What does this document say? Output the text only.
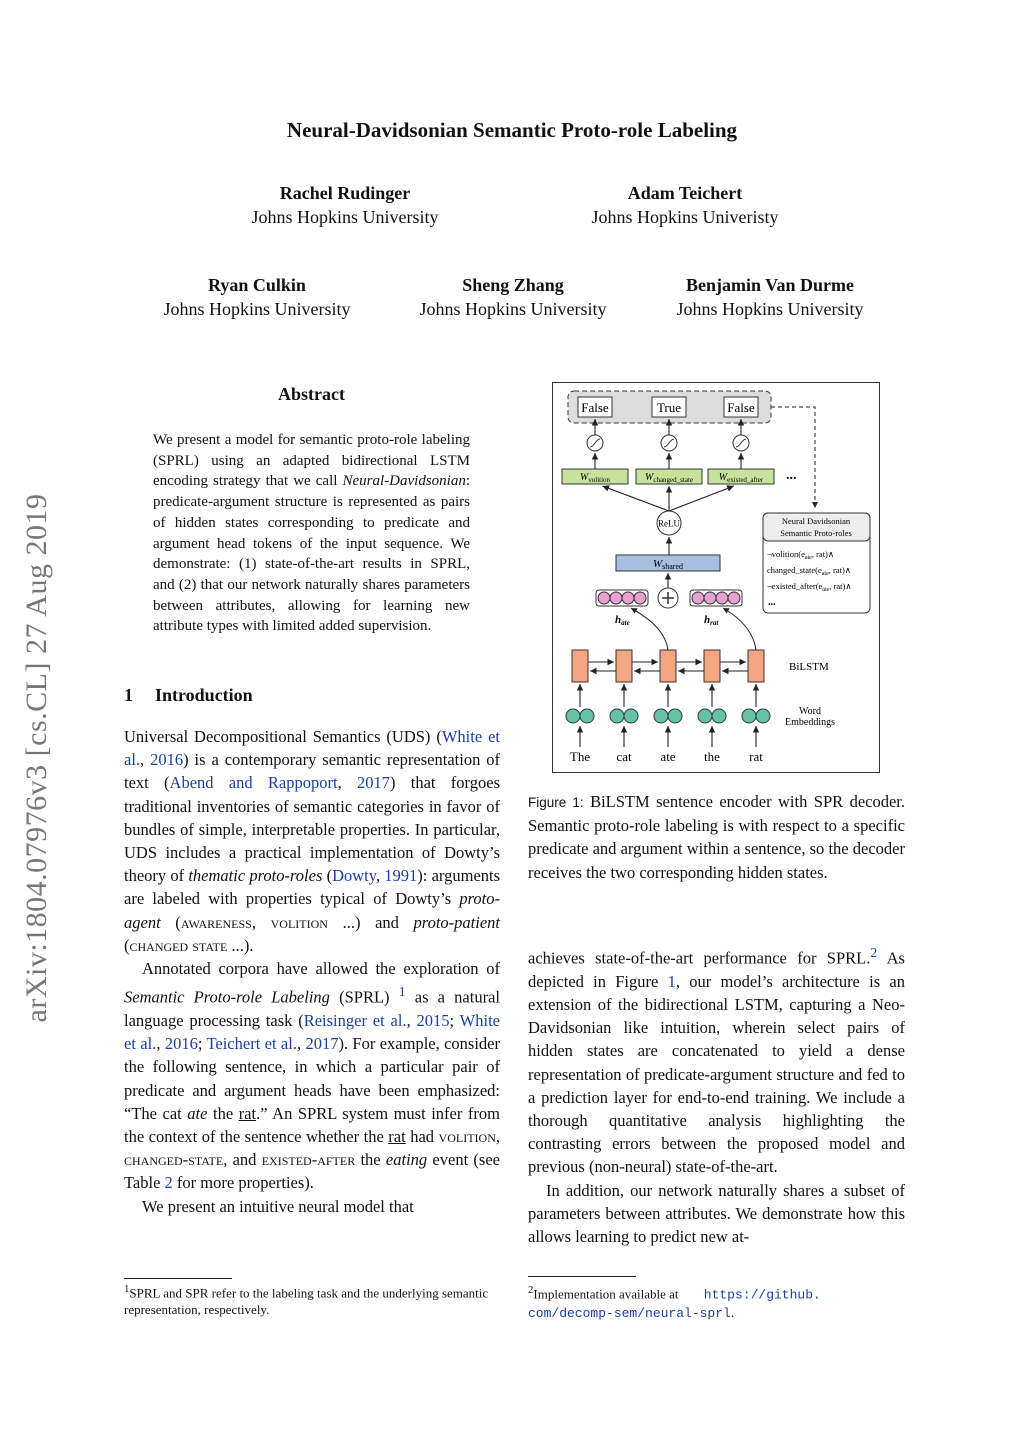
Neural-Davidsonian Semantic Proto-role Labeling
Rachel Rudinger
Johns Hopkins University
Adam Teichert
Johns Hopkins Univeristy
Ryan Culkin
Johns Hopkins University
Sheng Zhang
Johns Hopkins University
Benjamin Van Durme
Johns Hopkins University
arXiv:1804.07976v3 [cs.CL] 27 Aug 2019
Abstract
We present a model for semantic proto-role labeling (SPRL) using an adapted bidirectional LSTM encoding strategy that we call Neural-Davidsonian: predicate-argument structure is represented as pairs of hidden states corresponding to predicate and argument head tokens of the input sequence. We demonstrate: (1) state-of-the-art results in SPRL, and (2) that our network naturally shares parameters between attributes, allowing for learning new attribute types with limited added supervision.
1 Introduction

Universal Decompositional Semantics (UDS) (White et al., 2016) is a contemporary semantic representation of text (Abend and Rappoport, 2017) that forgoes traditional inventories of semantic categories in favor of bundles of simple, interpretable properties. In particular, UDS includes a practical implementation of Dowty’s theory of thematic proto-roles (Dowty, 1991): arguments are labeled with properties typical of Dowty’s proto-agent (awareness, volition ...) and proto-patient (changed state ...).

Annotated corpora have allowed the exploration of Semantic Proto-role Labeling (SPRL) $^1$ as a natural language processing task (Reisinger et al., 2015; White et al., 2016; Teichert et al., 2017). For example, consider the following sentence, in which a particular pair of predicate and argument heads have been emphasized: “The cat ate the rat.” An SPRL system must infer from the context of the sentence whether the rat had volition, changed-state, and existed-after the eating event (see Table 2 for more properties).

We present an intuitive neural model that

$^1$SPRL and SPR refer to the labeling task and the underlying semantic representation, respectively.
False	True	False
$W_{volition}$	$W_{changed\_state}$	$W_{existed\_after}$ ...
ReLU
Wshared
hate	hrat
Neural Davidsonian
Semantic Proto-roles
$\neg volition(e_{ate}$, rat)∧
$changed\_state(e_{ate}$, rat)∧
$\neg existed\_after(e_{ate}$, rat)∧
...
BiLSTM
Word
Embeddings
The cat ate the rat
Figure 1: BiLSTM sentence encoder with SPR decoder. Semantic proto-role labeling is with respect to a specific predicate and argument within a sentence, so the decoder receives the two corresponding hidden states.

achieves state-of-the-art performance for SPRL.$^2$ As depicted in Figure 1, our model’s architecture is an extension of the bidirectional LSTM, capturing a Neo-Davidsonian like intuition, wherein select pairs of hidden states are concatenated to yield a dense representation of predicate-argument structure and fed to a prediction layer for end-to-end training. We include a thorough quantitative analysis highlighting the contrasting errors between the proposed model and previous (non-neural) state-of-the-art.

In addition, our network naturally shares a subset of parameters between attributes. We demonstrate how this allows learning to predict new at-

$^2$Implementation available at https://github.
com/decomp-sem/neural-sprl.
